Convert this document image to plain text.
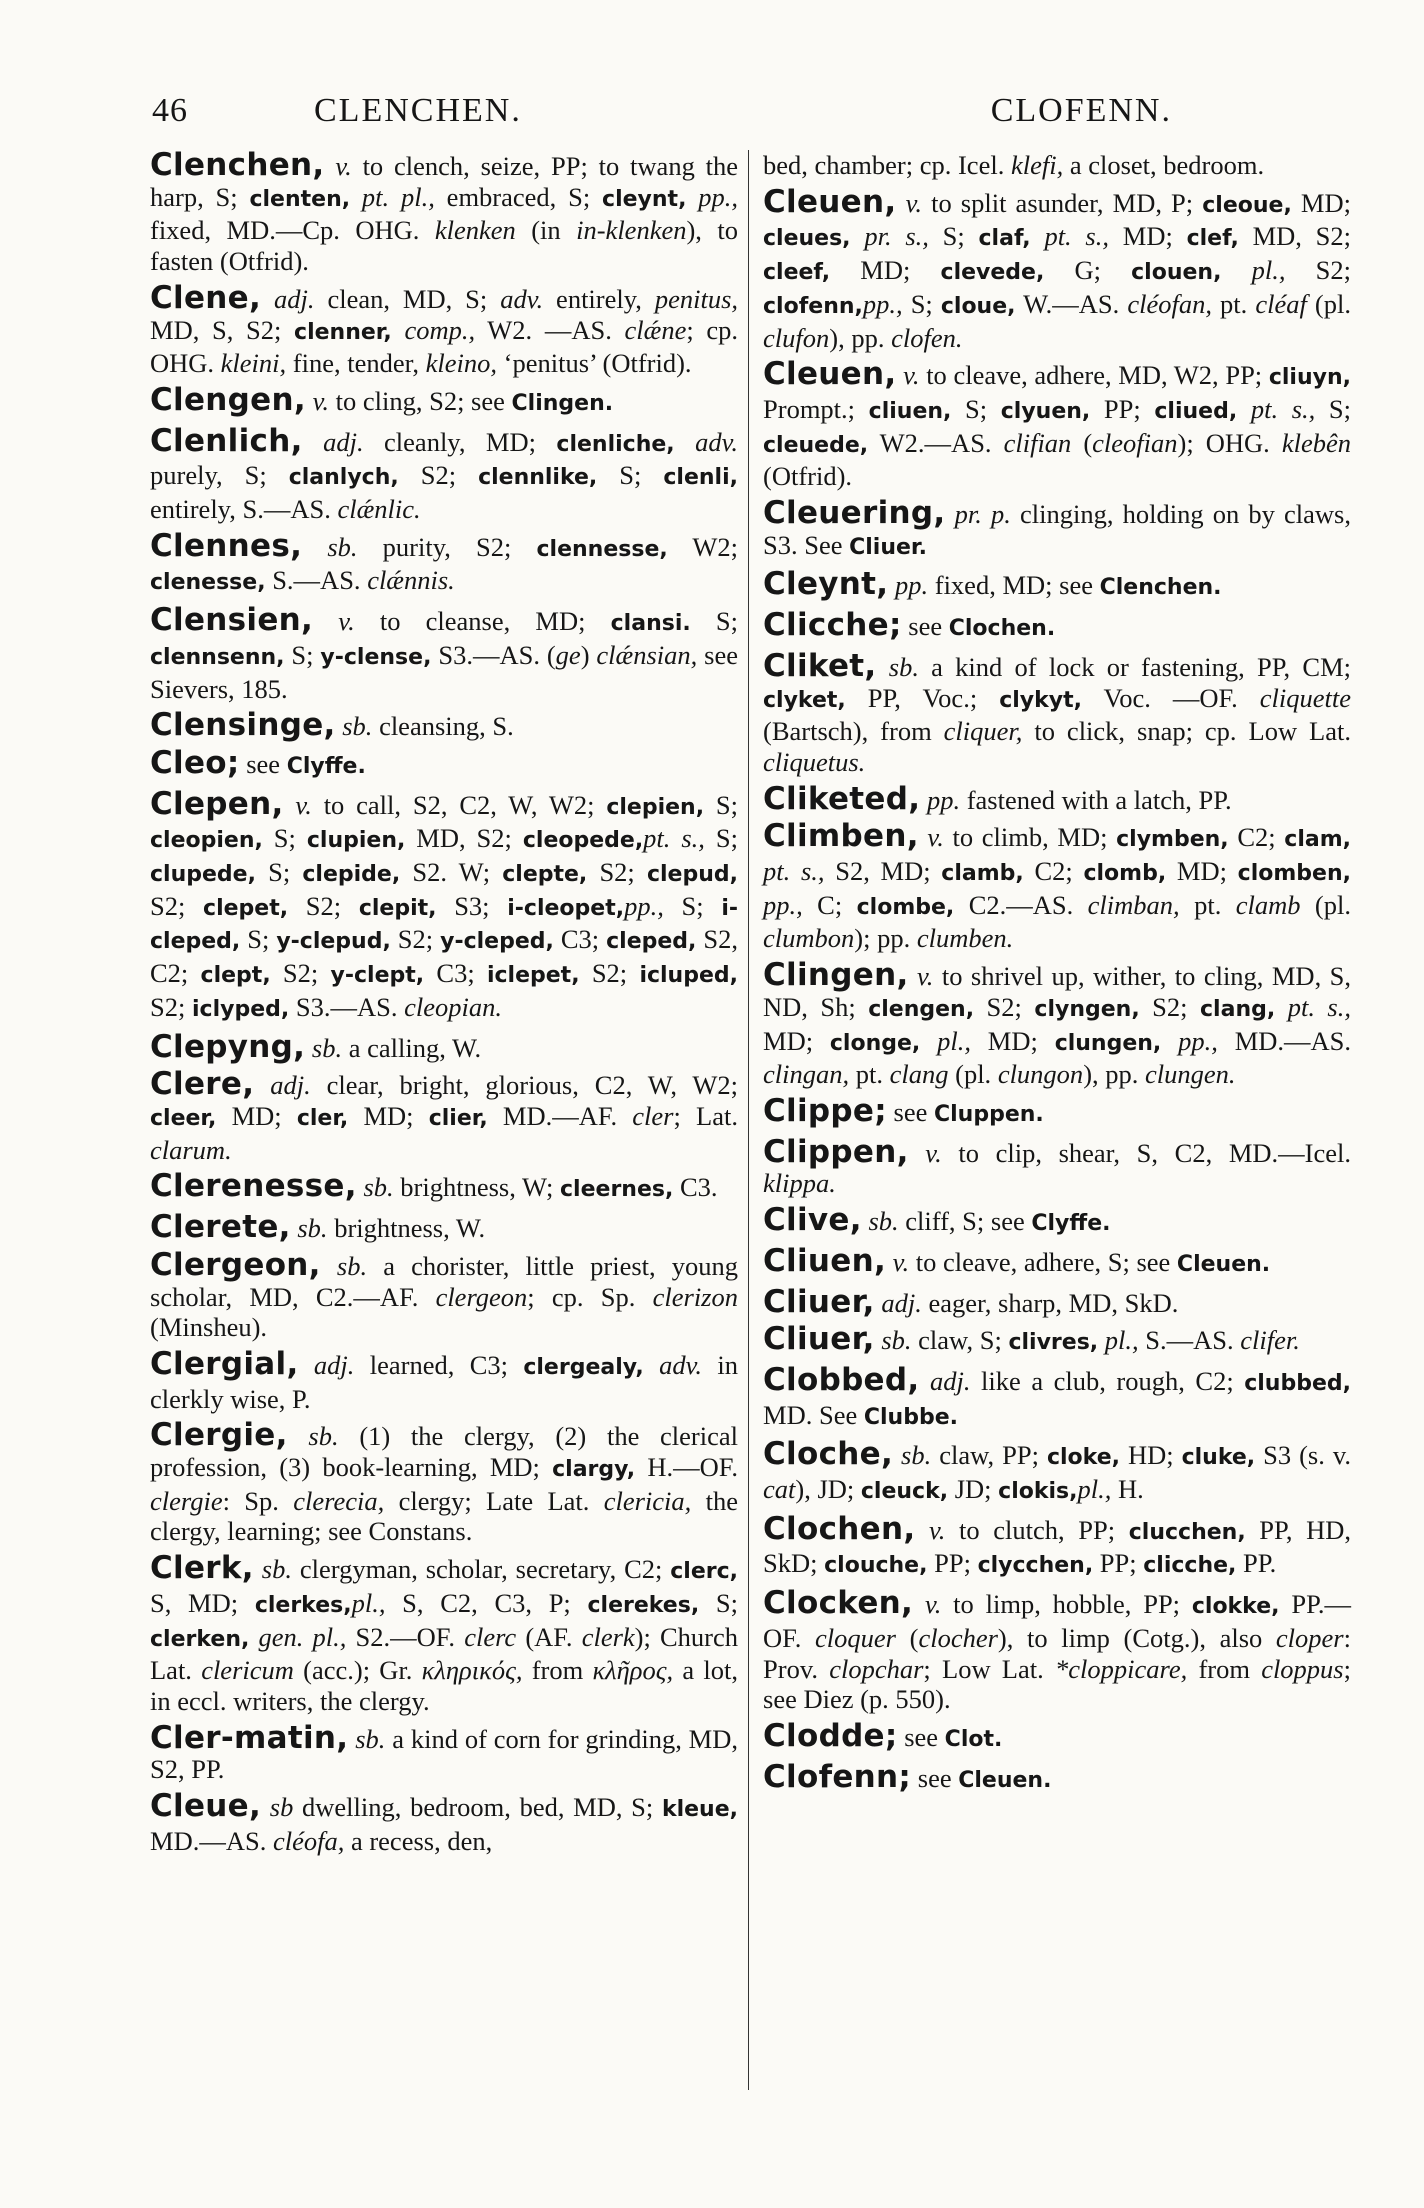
46	CLENCHEN.	CLOFENN.

Clenchen, v. to clench, seize, PP; to twang the harp, S; clenten, pt. pl., embraced, S; cleynt, pp., fixed, MD.—Cp. OHG. klenken (in in-klenken), to fasten (Otfrid).

Clene, adj. clean, MD, S; adv. entirely, penitus, MD, S, S2; clenner, comp., W2. —AS. clǽne; cp. OHG. kleini, fine, tender, kleino, ‘penitus’ (Otfrid).

Clengen, v. to cling, S2; see Clingen.

Clenlich, adj. cleanly, MD; clenliche, adv. purely, S; clanlych, S2; clennlike, S; clenli, entirely, S.—AS. clǽnlic.

Clennes, sb. purity, S2; clennesse, W2; clenesse, S.—AS. clǽnnis.

Clensien, v. to cleanse, MD; clansi. S; clennsenn, S; y-clense, S3.—AS. (ge) clǽnsian, see Sievers, 185.

Clensinge, sb. cleansing, S.

Cleo; see Clyffe.

Clepen, v. to call, S2, C2, W, W2; clepien, S; cleopien, S; clupien, MD, S2; cleopede,pt. s., S; clupede, S; clepide, S2. W; clepte, S2; clepud, S2; clepet, S2; clepit, S3; i-cleopet,pp., S; i-cleped, S; y-clepud, S2; y-cleped, C3; cleped, S2, C2; clept, S2; y-clept, C3; iclepet, S2; icluped, S2; iclyped, S3.—AS. cleopian.

Clepyng, sb. a calling, W.

Clere, adj. clear, bright, glorious, C2, W, W2; cleer, MD; cler, MD; clier, MD.—AF. cler; Lat. clarum.

Clerenesse, sb. brightness, W; cleernes, C3.

Clerete, sb. brightness, W.

Clergeon, sb. a chorister, little priest, young scholar, MD, C2.—AF. clergeon; cp. Sp. clerizon (Minsheu).

Clergial, adj. learned, C3; clergealy, adv. in clerkly wise, P.

Clergie, sb. (1) the clergy, (2) the clerical profession, (3) book-learning, MD; clargy, H.—OF. clergie: Sp. clerecia, clergy; Late Lat. clericia, the clergy, learning; see Constans.

Clerk, sb. clergyman, scholar, secretary, C2; clerc, S, MD; clerkes,pl., S, C2, C3, P; clerekes, S; clerken, gen. pl., S2.—OF. clerc (AF. clerk); Church Lat. clericum (acc.); Gr. κληρικός, from κλῆρος, a lot, in eccl. writers, the clergy.

Cler-matin, sb. a kind of corn for grinding, MD, S2, PP.

Cleue, sb dwelling, bedroom, bed, MD, S; kleue, MD.—AS. cléofa, a recess, den,

bed, chamber; cp. Icel. klefi, a closet, bedroom.

Cleuen, v. to split asunder, MD, P; cleoue, MD; cleues, pr. s., S; claf, pt. s., MD; clef, MD, S2; cleef, MD; clevede, G; clouen, pl., S2; clofenn,pp., S; cloue, W.—AS. cléofan, pt. cléaf (pl. clufon), pp. clofen.

Cleuen, v. to cleave, adhere, MD, W2, PP; cliuyn, Prompt.; cliuen, S; clyuen, PP; cliued, pt. s., S; cleuede, W2.—AS. clifian (cleofian); OHG. klebên (Otfrid).

Cleuering, pr. p. clinging, holding on by claws, S3. See Cliuer.

Cleynt, pp. fixed, MD; see Clenchen.

Clicche; see Clochen.

Cliket, sb. a kind of lock or fastening, PP, CM; clyket, PP, Voc.; clykyt, Voc. —OF. cliquette (Bartsch), from cliquer, to click, snap; cp. Low Lat. cliquetus.

Cliketed, pp. fastened with a latch, PP.

Climben, v. to climb, MD; clymben, C2; clam, pt. s., S2, MD; clamb, C2; clomb, MD; clomben, pp., C; clombe, C2.—AS. climban, pt. clamb (pl. clumbon); pp. clumben.

Clingen, v. to shrivel up, wither, to cling, MD, S, ND, Sh; clengen, S2; clyngen, S2; clang, pt. s., MD; clonge, pl., MD; clungen, pp., MD.—AS. clingan, pt. clang (pl. clungon), pp. clungen.

Clippe; see Cluppen.

Clippen, v. to clip, shear, S, C2, MD.—Icel. klippa.

Clive, sb. cliff, S; see Clyffe.

Cliuen, v. to cleave, adhere, S; see Cleuen.

Cliuer, adj. eager, sharp, MD, SkD.

Cliuer, sb. claw, S; clivres, pl., S.—AS. clifer.

Clobbed, adj. like a club, rough, C2; clubbed, MD. See Clubbe.

Cloche, sb. claw, PP; cloke, HD; cluke, S3 (s. v. cat), JD; cleuck, JD; clokis,pl., H.

Clochen, v. to clutch, PP; clucchen, PP, HD, SkD; clouche, PP; clycchen, PP; clicche, PP.

Clocken, v. to limp, hobble, PP; clokke, PP.—OF. cloquer (clocher), to limp (Cotg.), also cloper: Prov. clopchar; Low Lat. *cloppicare, from cloppus; see Diez (p. 550).

Clodde; see Clot.

Clofenn; see Cleuen.
